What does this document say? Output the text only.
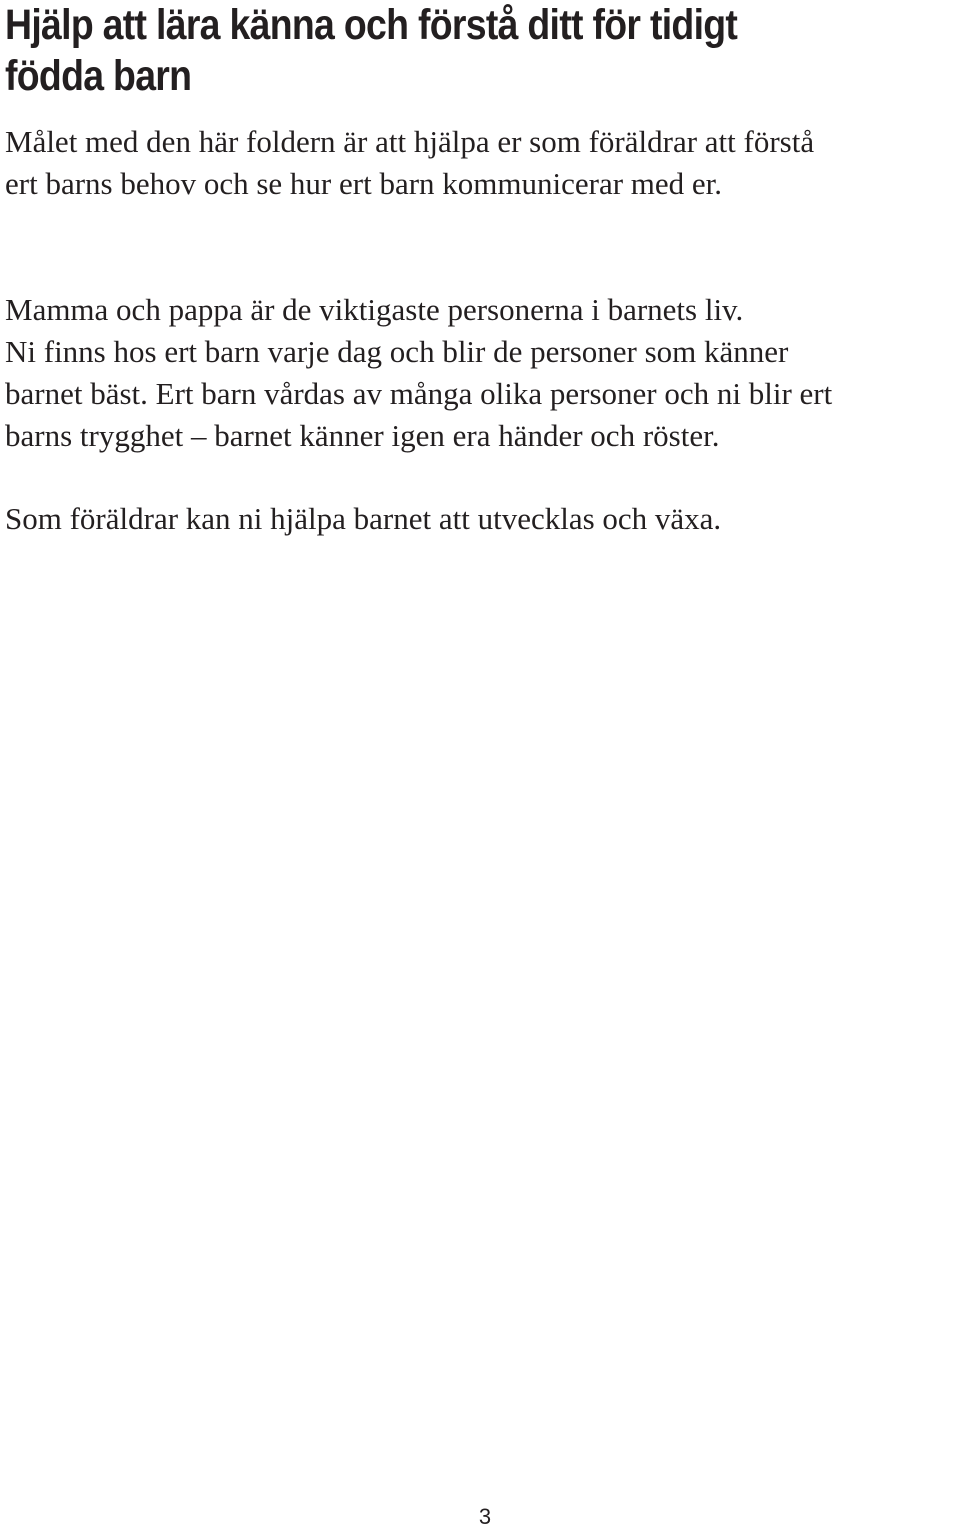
Hjälp att lära känna och förstå ditt för tidigt
födda barn

Målet med den här foldern är att hjälpa er som föräldrar att förstå
ert barns behov och se hur ert barn kommunicerar med er.

Mamma och pappa är de viktigaste personerna i barnets liv.
Ni finns hos ert barn varje dag och blir de personer som känner
barnet bäst. Ert barn vårdas av många olika personer och ni blir ert
barns trygghet – barnet känner igen era händer och röster.

Som föräldrar kan ni hjälpa barnet att utvecklas och växa.

3
